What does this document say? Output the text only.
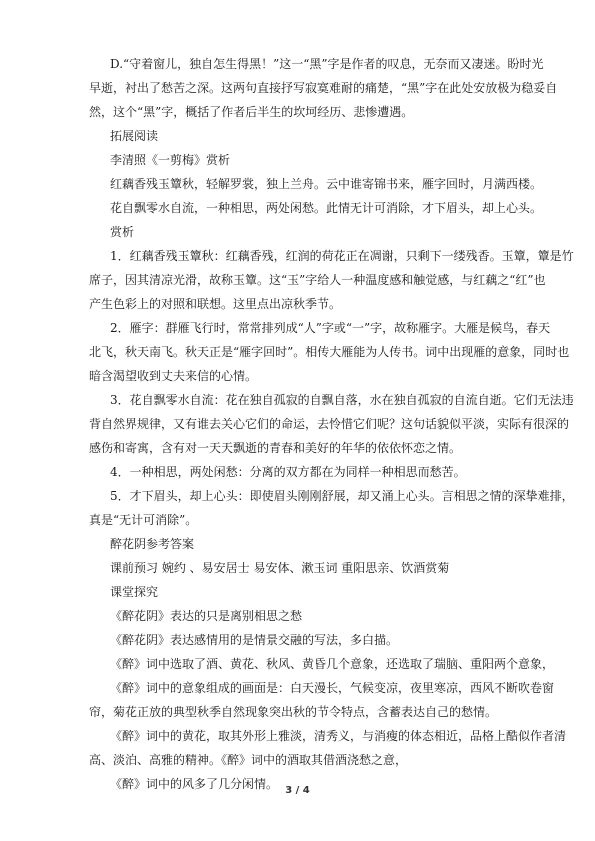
D.“守着窗儿，独自怎生得黑！”这一“黑”字是作者的叹息，无奈而又凄迷。盼时光
早逝，衬出了愁苦之深。这两句直接抒写寂寞难耐的痛楚，“黑”字在此处安放极为稳妥自
然，这个“黑”字，概括了作者后半生的坎坷经历、悲惨遭遇。
拓展阅读
李清照《一剪梅》赏析
红藕香残玉簟秋，轻解罗裳，独上兰舟。云中谁寄锦书来，雁字回时，月满西楼。
花自飘零水自流，一种相思，两处闲愁。此情无计可消除，才下眉头，却上心头。
赏析
1．红藕香残玉簟秋：红藕香残，红润的荷花正在凋谢，只剩下一缕残香。玉簟，簟是竹
席子，因其清凉光滑，故称玉簟。这“玉”字给人一种温度感和触觉感，与红藕之“红”也
产生色彩上的对照和联想。这里点出凉秋季节。
2．雁字：群雁飞行时，常常排列成“人”字或“一”字，故称雁字。大雁是候鸟，春天
北飞，秋天南飞。秋天正是“雁字回时”。相传大雁能为人传书。词中出现雁的意象，同时也
暗含渴望收到丈夫来信的心情。
3．花自飘零水自流：花在独自孤寂的自飘自落，水在独自孤寂的自流自逝。它们无法违
背自然界规律，又有谁去关心它们的命运，去怜惜它们呢？这句话貌似平淡，实际有很深的
感伤和寄寓，含有对一天天飘逝的青春和美好的年华的依依怀恋之情。
4．一种相思，两处闲愁：分离的双方都在为同样一种相思而愁苦。
5．才下眉头，却上心头：即使眉头刚刚舒展，却又涌上心头。言相思之情的深挚难排，
真是“无计可消除”。
醉花阴参考答案
课前预习 婉约 、易安居士 易安体、漱玉词 重阳思亲、饮酒赏菊
课堂探究
《醉花阴》表达的只是离别相思之愁
《醉花阴》表达感情用的是情景交融的写法，多白描。
《醉》词中选取了酒、黄花、秋风、黄昏几个意象，还选取了瑞脑、重阳两个意象，
《醉》词中的意象组成的画面是：白天漫长，气候变凉，夜里寒凉，西风不断吹卷窗
帘，菊花正放的典型秋季自然现象突出秋的节令特点，含蓄表达自己的愁情。
《醉》词中的黄花，取其外形上雅淡，清秀义，与消瘦的体态相近，品格上酷似作者清
高、淡泊、高雅的精神。《醉》词中的酒取其借酒浇愁之意，
《醉》词中的风多了几分闲情。 3 / 4
